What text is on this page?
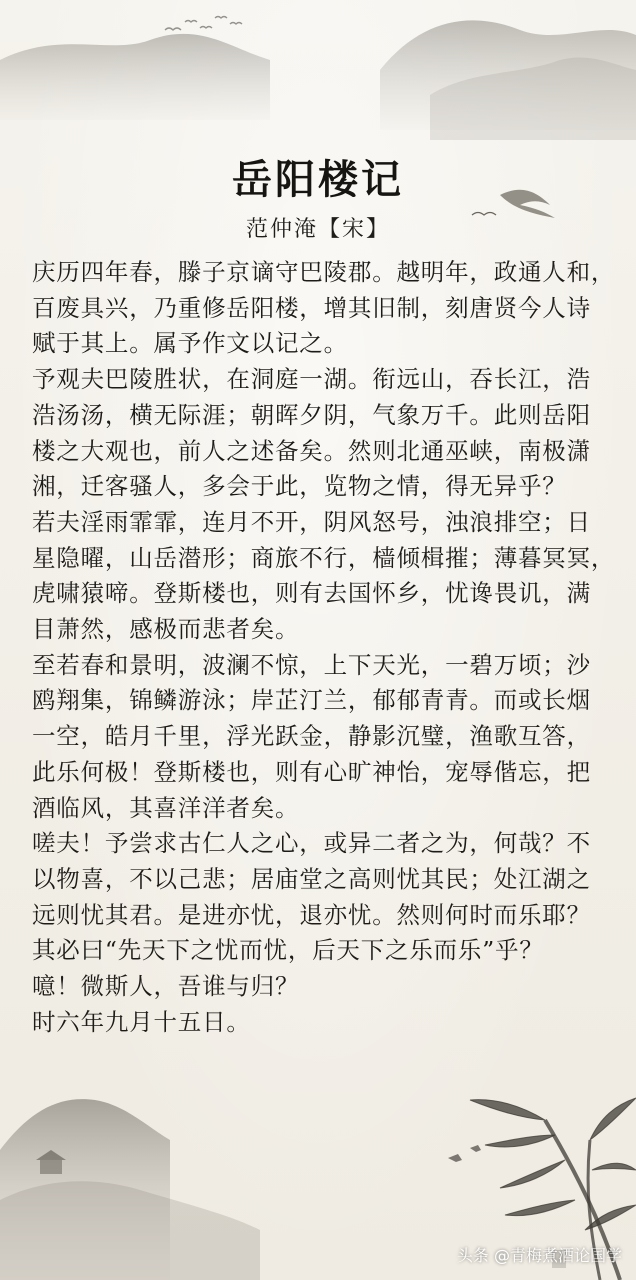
岳阳楼记
范仲淹【宋】

庆历四年春，滕子京谪守巴陵郡。越明年，政通人和，
百废具兴，乃重修岳阳楼，增其旧制，刻唐贤今人诗
赋于其上。属予作文以记之。

予观夫巴陵胜状，在洞庭一湖。衔远山，吞长江，浩
浩汤汤，横无际涯；朝晖夕阴，气象万千。此则岳阳
楼之大观也，前人之述备矣。然则北通巫峡，南极潇
湘，迁客骚人，多会于此，览物之情，得无异乎？

若夫淫雨霏霏，连月不开，阴风怒号，浊浪排空；日
星隐曜，山岳潜形；商旅不行，樯倾楫摧；薄暮冥冥，
虎啸猿啼。登斯楼也，则有去国怀乡，忧谗畏讥，满
目萧然，感极而悲者矣。

至若春和景明，波澜不惊，上下天光，一碧万顷；沙
鸥翔集，锦鳞游泳；岸芷汀兰，郁郁青青。而或长烟
一空，皓月千里，浮光跃金，静影沉璧，渔歌互答，
此乐何极！登斯楼也，则有心旷神怡，宠辱偕忘，把
酒临风，其喜洋洋者矣。

嗟夫！予尝求古仁人之心，或异二者之为，何哉？不
以物喜，不以己悲；居庙堂之高则忧其民；处江湖之
远则忧其君。是进亦忧，退亦忧。然则何时而乐耶？
其必曰“先天下之忧而忧，后天下之乐而乐”乎？

噫！微斯人，吾谁与归？

时六年九月十五日。

头条 @青梅煮酒论国学
